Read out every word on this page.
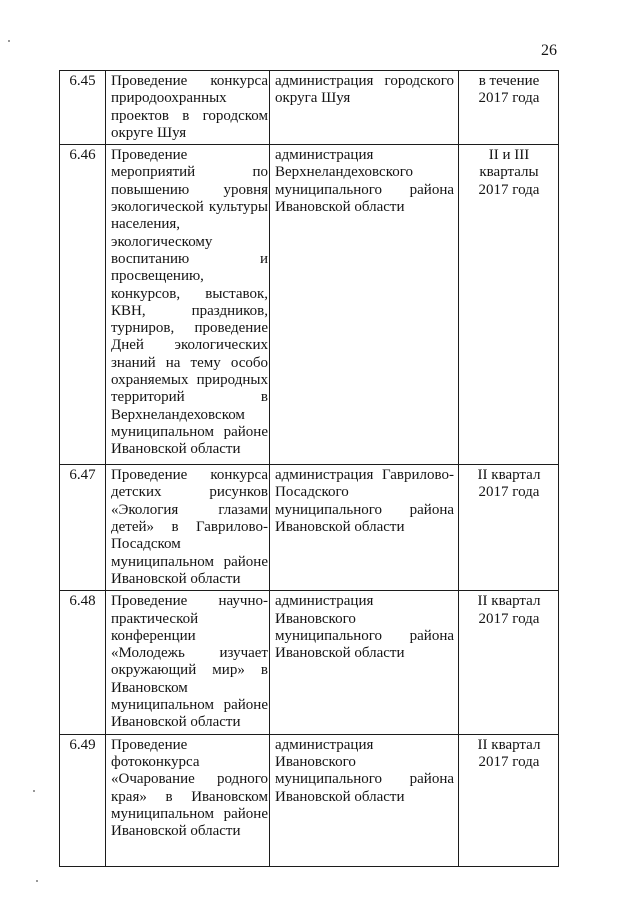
26
6.45	Проведение конкурса природоохранных проектов в городском округе Шуя	администрация городского округа Шуя	в течение 2017 года
6.46	Проведение мероприятий по повышению уровня экологической культуры населения, экологическому воспитанию и просвещению, конкурсов, выставок, КВН, праздников, турниров, проведение Дней экологических знаний на тему особо охраняемых природных территорий в Верхнеландеховском муниципальном районе Ивановской области	администрация Верхнеландеховского муниципального района Ивановской области	II и III кварталы 2017 года
6.47	Проведение конкурса детских рисунков «Экология глазами детей» в Гаврилово-Посадском муниципальном районе Ивановской области	администрация Гаврилово-Посадского муниципального района Ивановской области	II квартал 2017 года
6.48	Проведение научно-практической конференции «Молодежь изучает окружающий мир» в Ивановском муниципальном районе Ивановской области	администрация Ивановского муниципального района Ивановской области	II квартал 2017 года
6.49	Проведение фотоконкурса «Очарование родного края» в Ивановском муниципальном районе Ивановской области	администрация Ивановского муниципального района Ивановской области	II квартал 2017 года
